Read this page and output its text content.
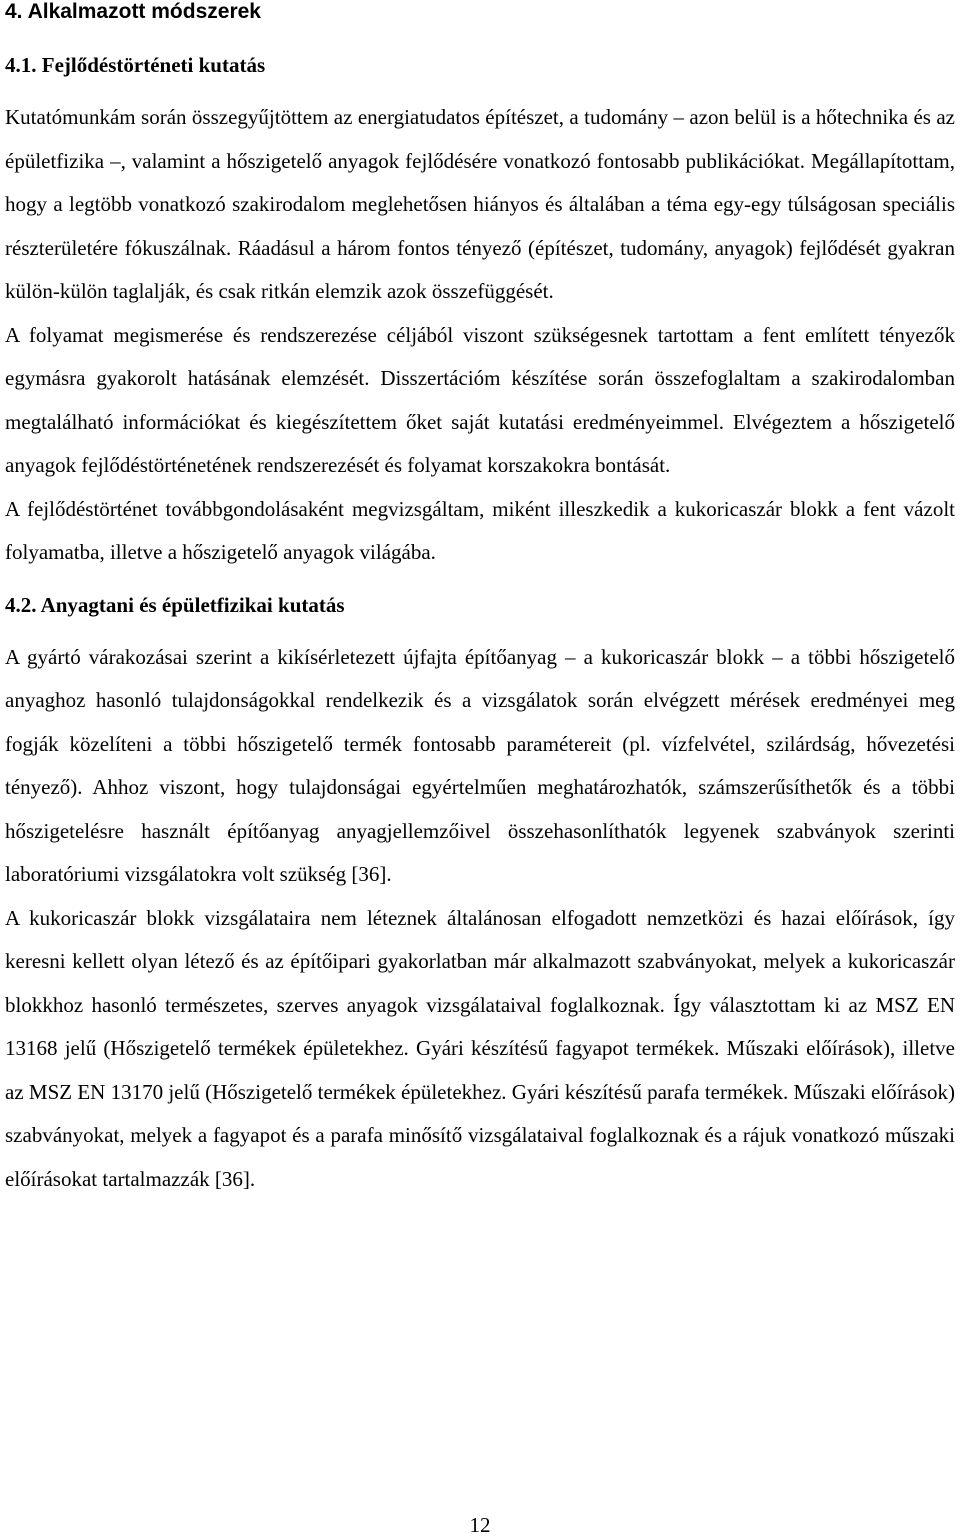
4. Alkalmazott módszerek
4.1. Fejlődéstörténeti kutatás

Kutatómunkám során összegyűjtöttem az energiatudatos építészet, a tudomány – azon belül is a hőtechnika és az épületfizika –, valamint a hőszigetelő anyagok fejlődésére vonatkozó fontosabb publikációkat. Megállapítottam, hogy a legtöbb vonatkozó szakirodalom meglehetősen hiányos és általában a téma egy-egy túlságosan speciális részterületére fókuszálnak. Ráadásul a három fontos tényező (építészet, tudomány, anyagok) fejlődését gyakran külön-külön taglalják, és csak ritkán elemzik azok összefüggését.

A folyamat megismerése és rendszerezése céljából viszont szükségesnek tartottam a fent említett tényezők egymásra gyakorolt hatásának elemzését. Disszertációm készítése során összefoglaltam a szakirodalomban megtalálható információkat és kiegészítettem őket saját kutatási eredményeimmel. Elvégeztem a hőszigetelő anyagok fejlődéstörténetének rendszerezését és folyamat korszakokra bontását.

A fejlődéstörténet továbbgondolásaként megvizsgáltam, miként illeszkedik a kukoricaszár blokk a fent vázolt folyamatba, illetve a hőszigetelő anyagok világába.

4.2. Anyagtani és épületfizikai kutatás

A gyártó várakozásai szerint a kikísérletezett újfajta építőanyag – a kukoricaszár blokk – a többi hőszigetelő anyaghoz hasonló tulajdonságokkal rendelkezik és a vizsgálatok során elvégzett mérések eredményei meg fogják közelíteni a többi hőszigetelő termék fontosabb paramétereit (pl. vízfelvétel, szilárdság, hővezetési tényező). Ahhoz viszont, hogy tulajdonságai egyértelműen meghatározhatók, számszerűsíthetők és a többi hőszigetelésre használt építőanyag anyagjellemzőivel összehasonlíthatók legyenek szabványok szerinti laboratóriumi vizsgálatokra volt szükség [36].

A kukoricaszár blokk vizsgálataira nem léteznek általánosan elfogadott nemzetközi és hazai előírások, így keresni kellett olyan létező és az építőipari gyakorlatban már alkalmazott szabványokat, melyek a kukoricaszár blokkhoz hasonló természetes, szerves anyagok vizsgálataival foglalkoznak. Így választottam ki az MSZ EN 13168 jelű (Hőszigetelő termékek épületekhez. Gyári készítésű fagyapot termékek. Műszaki előírások), illetve az MSZ EN 13170 jelű (Hőszigetelő termékek épületekhez. Gyári készítésű parafa termékek. Műszaki előírások) szabványokat, melyek a fagyapot és a parafa minősítő vizsgálataival foglalkoznak és a rájuk vonatkozó műszaki előírásokat tartalmazzák [36].

12
